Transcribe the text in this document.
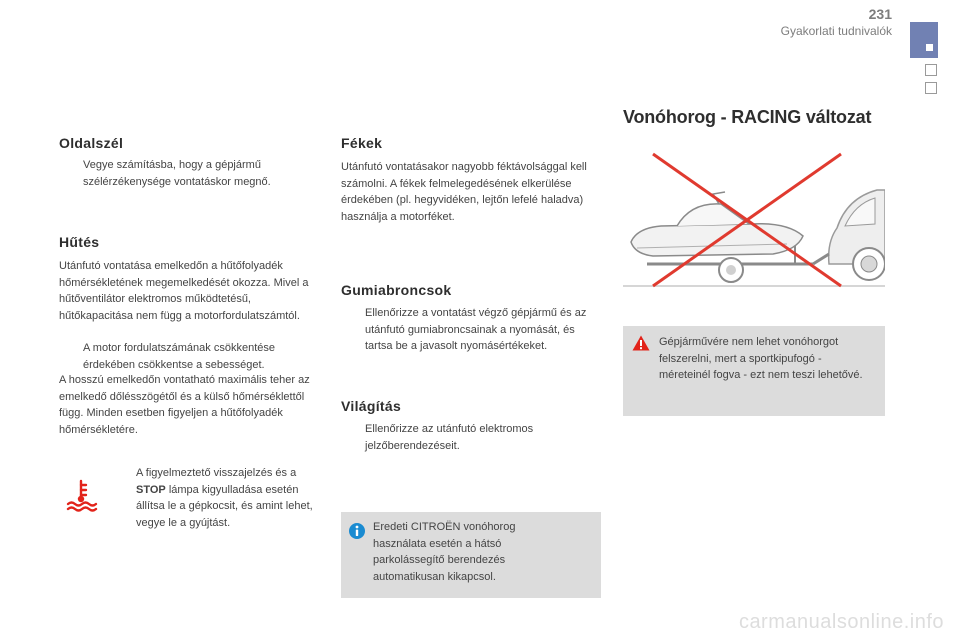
231
Gyakorlati tudnivalók
Oldalszél
Vegye számításba, hogy a gépjármű szélérzékenysége vontatáskor megnő.
Hűtés
Utánfutó vontatása emelkedőn a hűtőfolyadék hőmérsékletének megemelkedését okozza. Mivel a hűtőventilátor elektromos működtetésű, hűtőkapacitása nem függ a motorfordulatszámtól.
A motor fordulatszámának csökkentése érdekében csökkentse a sebességet.
A hosszú emelkedőn vontatható maximális teher az emelkedő dőlésszögétől és a külső hőmérséklettől függ. Minden esetben figyeljen a hűtőfolyadék hőmérsékletére.
A figyelmeztető visszajelzés és a STOP lámpa kigyulladása esetén állítsa le a gépkocsit, és amint lehet, vegye le a gyújtást.
Fékek
Utánfutó vontatásakor nagyobb féktávolsággal kell számolni. A fékek felmelegedésének elkerülése érdekében (pl. hegyvidéken, lejtőn lefelé haladva) használja a motorféket.
Gumiabroncsok
Ellenőrizze a vontatást végző gépjármű és az utánfutó gumiabroncsainak a nyomását, és tartsa be a javasolt nyomásértékeket.
Világítás
Ellenőrizze az utánfutó elektromos jelzőberendezéseit.
Eredeti CITROËN vonóhorog használata esetén a hátsó parkolássegítő berendezés automatikusan kikapcsol.
Vonóhorog - RACING változat
Gépjárművére nem lehet vonóhorgot felszerelni, mert a sportkipufogó - méreteinél fogva - ezt nem teszi lehetővé.
carmanualsonline.info
